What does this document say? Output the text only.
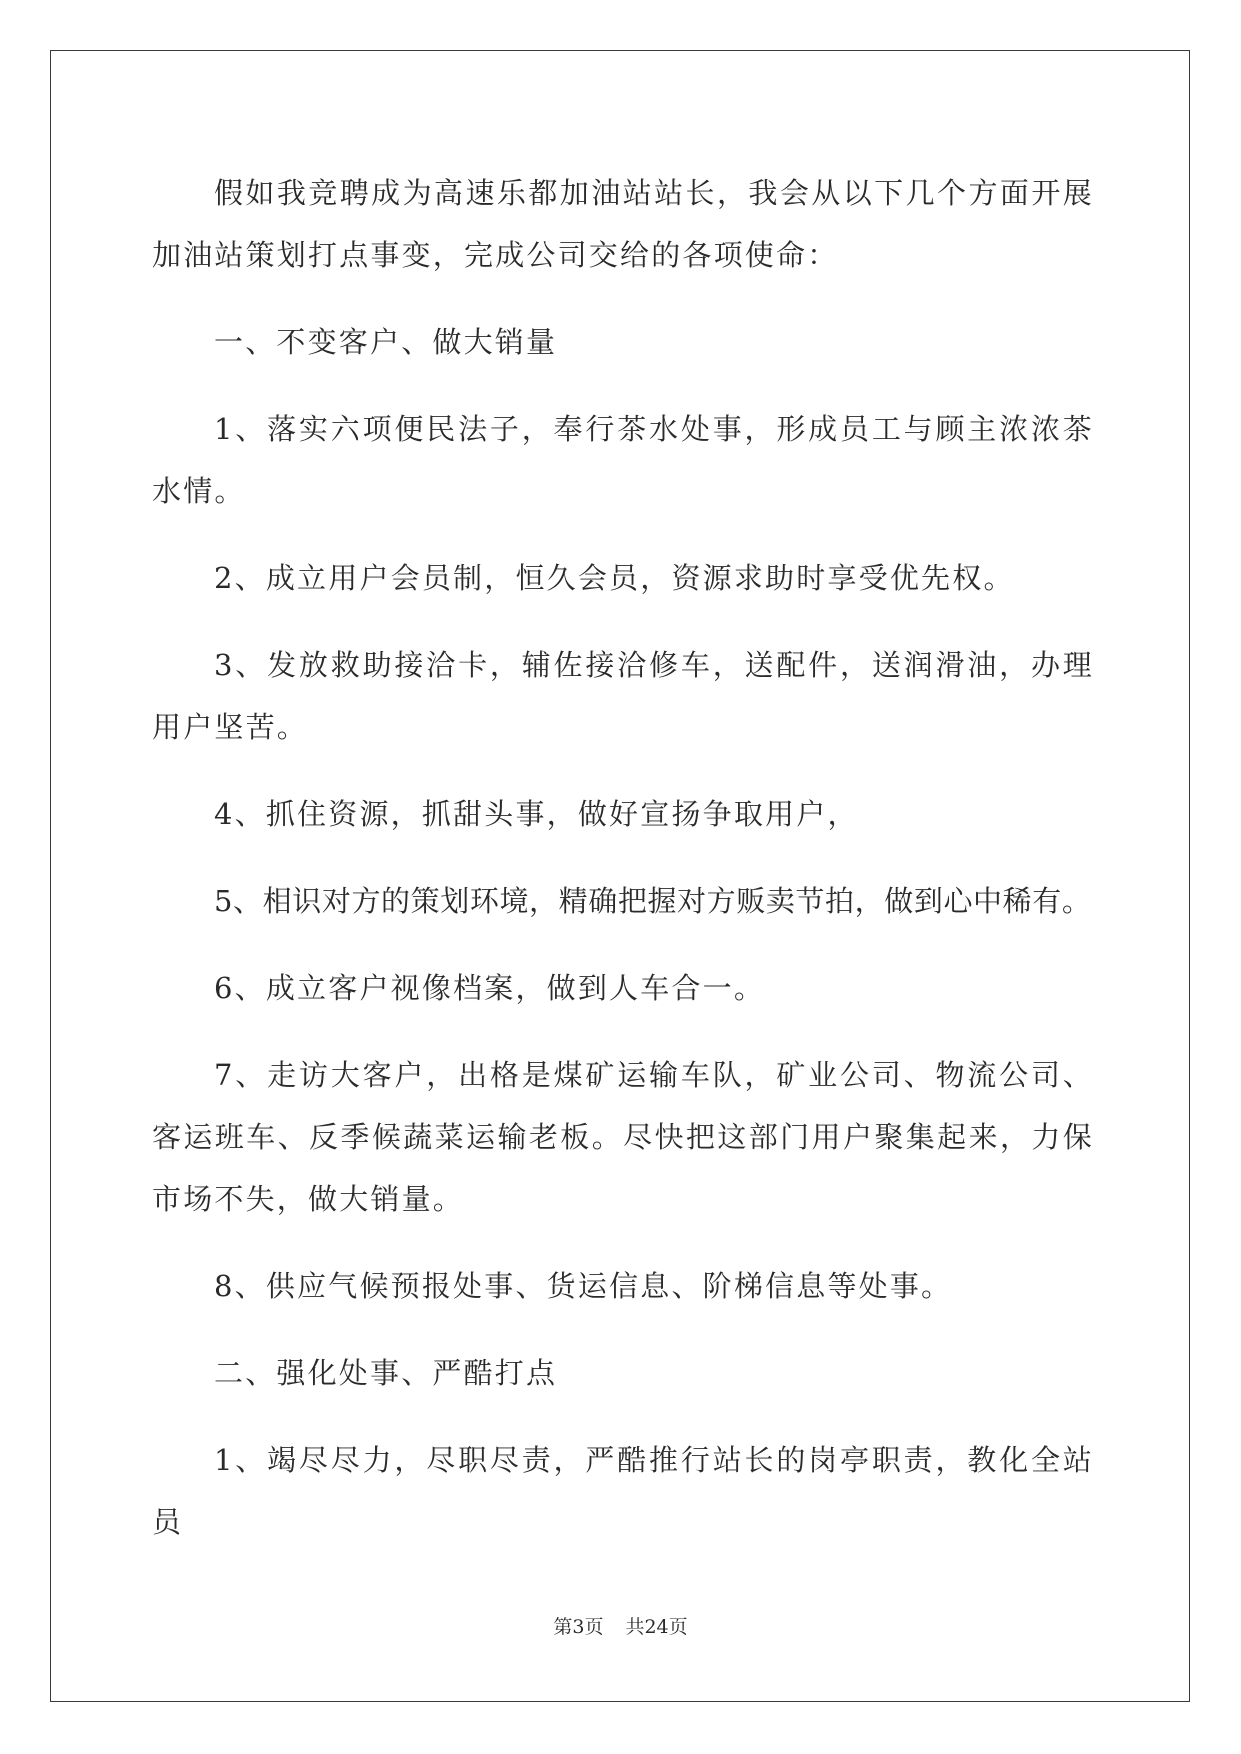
假如我竞聘成为高速乐都加油站站长，我会从以下几个方面开展加油站策划打点事变，完成公司交给的各项使命：

一、不变客户、做大销量

1、落实六项便民法子，奉行茶水处事，形成员工与顾主浓浓茶水情。

2、成立用户会员制，恒久会员，资源求助时享受优先权。

3、发放救助接洽卡，辅佐接洽修车，送配件，送润滑油，办理用户坚苦。

4、抓住资源，抓甜头事，做好宣扬争取用户，

5、相识对方的策划环境，精确把握对方贩卖节拍，做到心中稀有。

6、成立客户视像档案，做到人车合一。

7、走访大客户，出格是煤矿运输车队，矿业公司、物流公司、客运班车、反季候蔬菜运输老板。尽快把这部门用户聚集起来，力保市场不失，做大销量。

8、供应气候预报处事、货运信息、阶梯信息等处事。

二、强化处事、严酷打点

1、竭尽尽力，尽职尽责，严酷推行站长的岗亭职责，教化全站员

第3页 共24页
